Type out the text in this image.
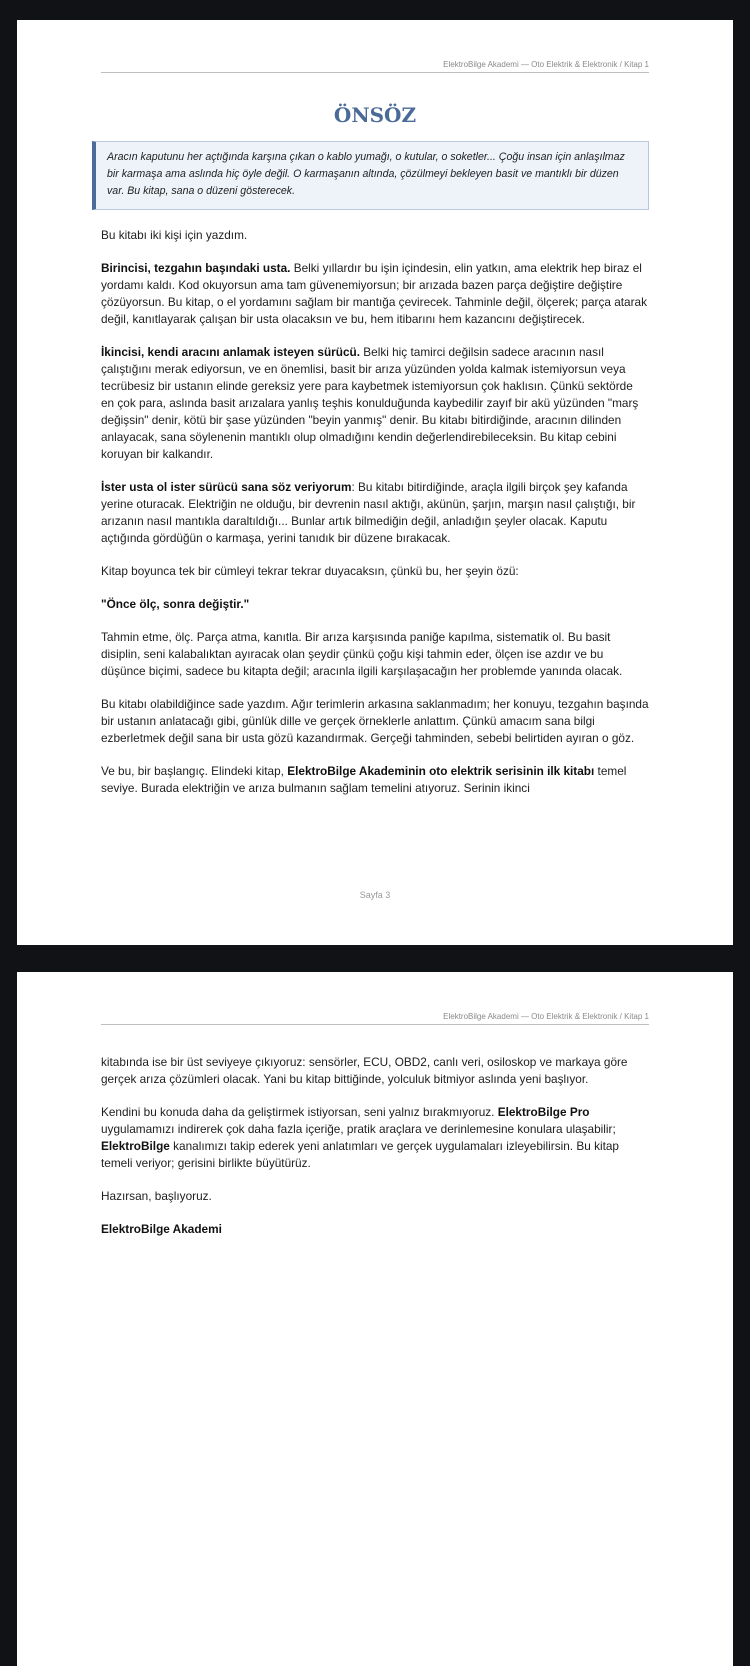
ElektroBilge Akademi — Oto Elektrik & Elektronik / Kitap 1
ÖNSÖZ
Aracın kaputunu her açtığında karşına çıkan o kablo yumağı, o kutular, o soketler... Çoğu insan için anlaşılmaz bir karmaşa ama aslında hiç öyle değil. O karmaşanın altında, çözülmeyi bekleyen basit ve mantıklı bir düzen var. Bu kitap, sana o düzeni gösterecek.

Bu kitabı iki kişi için yazdım.

Birincisi, tezgahın başındaki usta. Belki yıllardır bu işin içindesin, elin yatkın, ama elektrik hep biraz el yordamı kaldı. Kod okuyorsun ama tam güvenemiyorsun; bir arızada bazen parça değiştire değiştire çözüyorsun. Bu kitap, o el yordamını sağlam bir mantığa çevirecek. Tahminle değil, ölçerek; parça atarak değil, kanıtlayarak çalışan bir usta olacaksın ve bu, hem itibarını hem kazancını değiştirecek.

İkincisi, kendi aracını anlamak isteyen sürücü. Belki hiç tamirci değilsin sadece aracının nasıl çalıştığını merak ediyorsun, ve en önemlisi, basit bir arıza yüzünden yolda kalmak istemiyorsun veya tecrübesiz bir ustanın elinde gereksiz yere para kaybetmek istemiyorsun çok haklısın. Çünkü sektörde en çok para, aslında basit arızalara yanlış teşhis konulduğunda kaybedilir zayıf bir akü yüzünden "marş değişsin" denir, kötü bir şase yüzünden "beyin yanmış" denir. Bu kitabı bitirdiğinde, aracının dilinden anlayacak, sana söylenenin mantıklı olup olmadığını kendin değerlendirebileceksin. Bu kitap cebini koruyan bir kalkandır.

İster usta ol ister sürücü sana söz veriyorum: Bu kitabı bitirdiğinde, araçla ilgili birçok şey kafanda yerine oturacak. Elektriğin ne olduğu, bir devrenin nasıl aktığı, akünün, şarjın, marşın nasıl çalıştığı, bir arızanın nasıl mantıkla daraltıldığı... Bunlar artık bilmediğin değil, anladığın şeyler olacak. Kaputu açtığında gördüğün o karmaşa, yerini tanıdık bir düzene bırakacak.

Kitap boyunca tek bir cümleyi tekrar tekrar duyacaksın, çünkü bu, her şeyin özü:

"Önce ölç, sonra değiştir."

Tahmin etme, ölç. Parça atma, kanıtla. Bir arıza karşısında paniğe kapılma, sistematik ol. Bu basit disiplin, seni kalabalıktan ayıracak olan şeydir çünkü çoğu kişi tahmin eder, ölçen ise azdır ve bu düşünce biçimi, sadece bu kitapta değil; aracınla ilgili karşılaşacağın her problemde yanında olacak.

Bu kitabı olabildiğince sade yazdım. Ağır terimlerin arkasına saklanmadım; her konuyu, tezgahın başında bir ustanın anlatacağı gibi, günlük dille ve gerçek örneklerle anlattım. Çünkü amacım sana bilgi ezberletmek değil sana bir usta gözü kazandırmak. Gerçeği tahminden, sebebi belirtiden ayıran o göz.

Ve bu, bir başlangıç. Elindeki kitap, ElektroBilge Akademinin oto elektrik serisinin ilk kitabı temel seviye. Burada elektriğin ve arıza bulmanın sağlam temelini atıyoruz. Serinin ikinci

Sayfa 3
ElektroBilge Akademi — Oto Elektrik & Elektronik / Kitap 1

kitabında ise bir üst seviyeye çıkıyoruz: sensörler, ECU, OBD2, canlı veri, osiloskop ve markaya göre gerçek arıza çözümleri olacak. Yani bu kitap bittiğinde, yolculuk bitmiyor aslında yeni başlıyor.

Kendini bu konuda daha da geliştirmek istiyorsan, seni yalnız bırakmıyoruz. ElektroBilge Pro uygulamamızı indirerek çok daha fazla içeriğe, pratik araçlara ve derinlemesine konulara ulaşabilir; ElektroBilge kanalımızı takip ederek yeni anlatımları ve gerçek uygulamaları izleyebilirsin. Bu kitap temeli veriyor; gerisini birlikte büyütürüz.

Hazırsan, başlıyoruz.

ElektroBilge Akademi
